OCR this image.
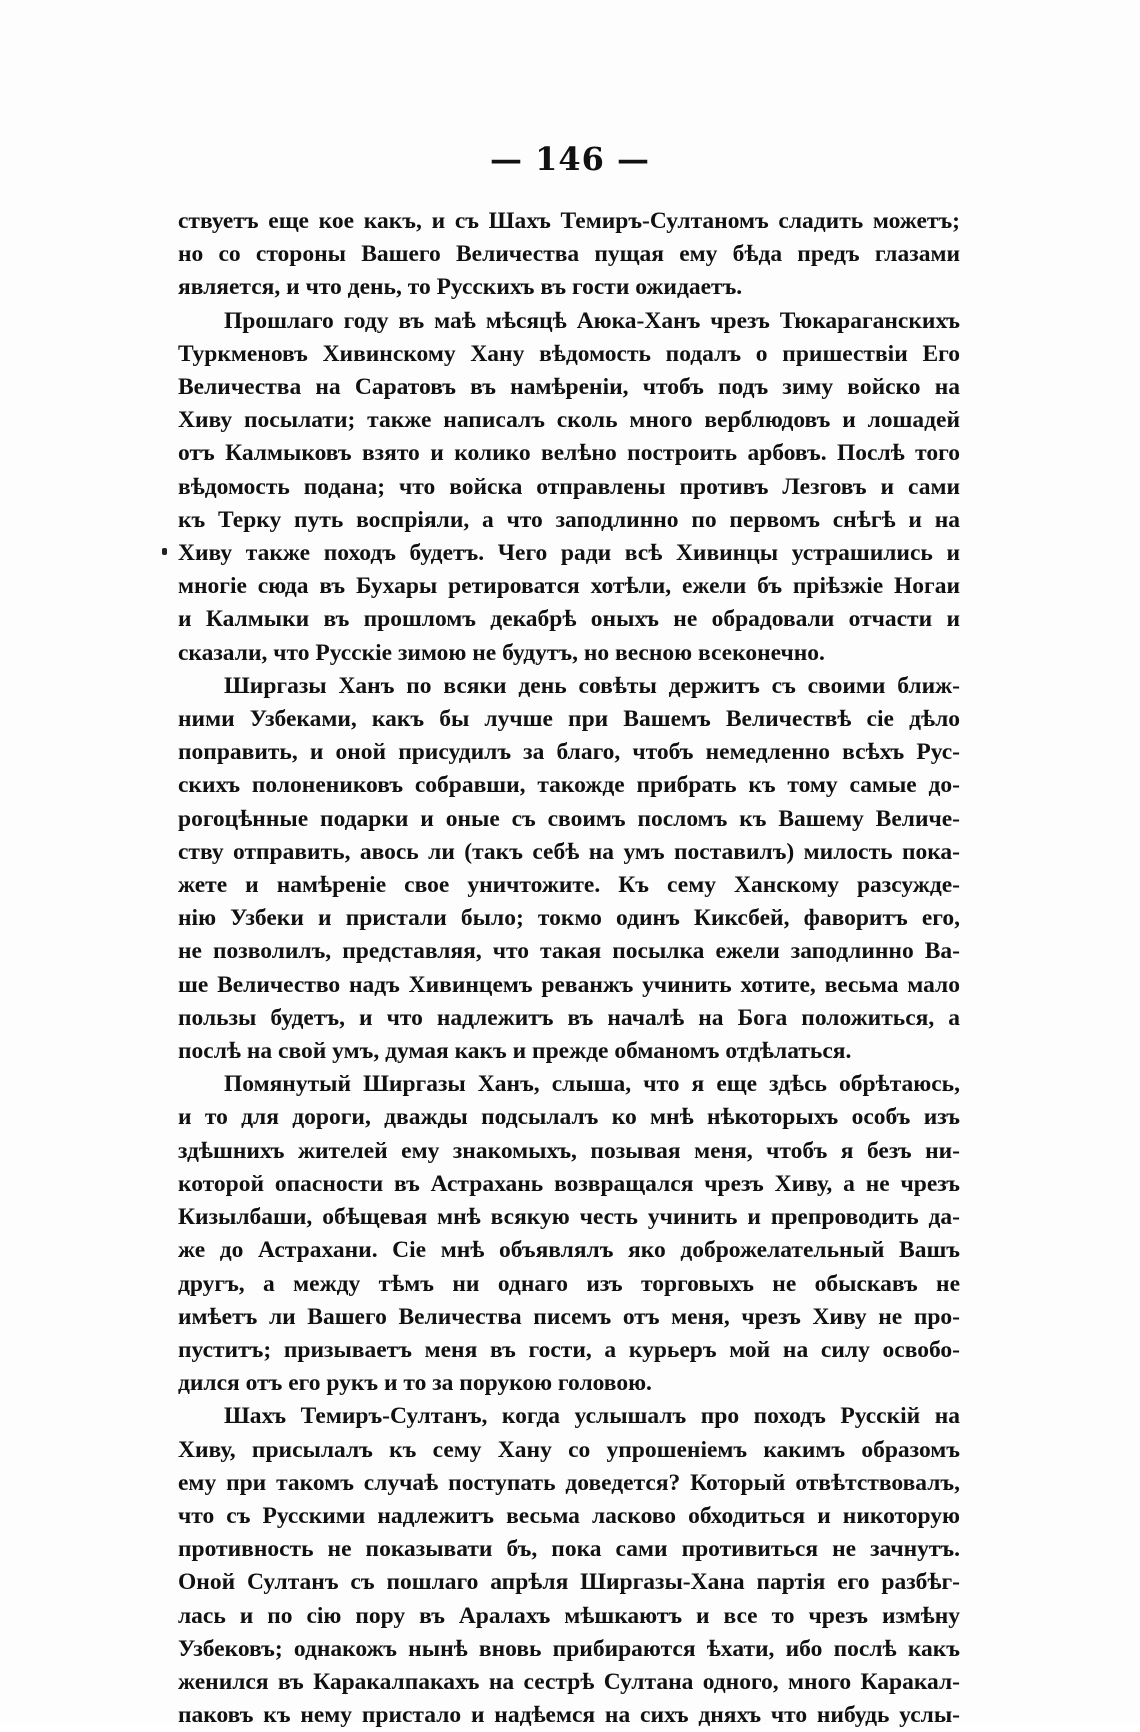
— 146 —
ствуетъ еще кое какъ, и съ Шахъ Темиръ-Султаномъ сладить можетъ;
но со стороны Вашего Величества пущая ему бѣда предъ глазами
является, и что день, то Русскихъ въ гости ожидаетъ.
Прошлаго году въ маѣ мѣсяцѣ Аюка-Ханъ чрезъ Тюкараганскихъ
Туркменовъ Хивинскому Хану вѣдомость подалъ о пришествіи Его
Величества на Саратовъ въ намѣреніи, чтобъ подъ зиму войско на
Хиву посылати; также написалъ сколь много верблюдовъ и лошадей
отъ Калмыковъ взято и колико велѣно построить арбовъ. Послѣ того
вѣдомость подана; что войска отправлены противъ Лезговъ и сами
къ Терку путь воспріяли, а что заподлинно по первомъ снѣгѣ и на
Хиву также походъ будетъ. Чего ради всѣ Хивинцы устрашились и
многіе сюда въ Бухары ретироватся хотѣли, ежели бъ пріѣзжіе Ногаи
и Калмыки въ прошломъ декабрѣ оныхъ не обрадовали отчасти и
сказали, что Русскіе зимою не будутъ, но весною всеконечно.
Ширгазы Ханъ по всяки день совѣты держитъ съ своими ближ-
ними Узбеками, какъ бы лучше при Вашемъ Величествѣ сіе дѣло
поправить, и оной присудилъ за благо, чтобъ немедленно всѣхъ Рус-
скихъ полонениковъ собравши, такожде прибрать къ тому самые до-
рогоцѣнные подарки и оные съ своимъ посломъ къ Вашему Величе-
ству отправить, авось ли (такъ себѣ на умъ поставилъ) милость пока-
жете и намѣреніе свое уничтожите. Къ сему Ханскому разсужде-
нію Узбеки и пристали было; токмо одинъ Киксбей, фаворитъ его,
не позволилъ, представляя, что такая посылка ежели заподлинно Ва-
ше Величество надъ Хивинцемъ реванжъ учинить хотите, весьма мало
пользы будетъ, и что надлежитъ въ началѣ на Бога положиться, а
послѣ на свой умъ, думая какъ и прежде обманомъ отдѣлаться.
Помянутый Ширгазы Ханъ, слыша, что я еще здѣсь обрѣтаюсь,
и то для дороги, дважды подсылалъ ко мнѣ нѣкоторыхъ особъ изъ
здѣшнихъ жителей ему знакомыхъ, позывая меня, чтобъ я безъ ни-
которой опасности въ Астрахань возвращался чрезъ Хиву, а не чрезъ
Кизылбаши, обѣщевая мнѣ всякую честь учинить и препроводить да-
же до Астрахани. Сіе мнѣ объявлялъ яко доброжелательный Вашъ
другъ, а между тѣмъ ни однаго изъ торговыхъ не обыскавъ не
имѣетъ ли Вашего Величества писемъ отъ меня, чрезъ Хиву не про-
пуститъ; призываетъ меня въ гости, а курьеръ мой на силу освобо-
дился отъ его рукъ и то за порукою головою.
Шахъ Темиръ-Султанъ, когда услышалъ про походъ Русскій на
Хиву, присылалъ къ сему Хану со упрошеніемъ какимъ образомъ
ему при такомъ случаѣ поступать доведется? Который отвѣтствовалъ,
что съ Русскими надлежитъ весьма ласково обходиться и никоторую
противность не показывати бъ, пока сами противиться не зачнутъ.
Оной Султанъ съ пошлаго апрѣля Ширгазы-Хана партія его разбѣг-
лась и по сію пору въ Аралахъ мѣшкаютъ и все то чрезъ измѣну
Узбековъ; однакожъ нынѣ вновь прибираются ѣхати, ибо послѣ какъ
женился въ Каракалпакахъ на сестрѣ Султана одного, много Каракал-
паковъ къ нему пристало и надѣемся на сихъ дняхъ что нибудь услы-
